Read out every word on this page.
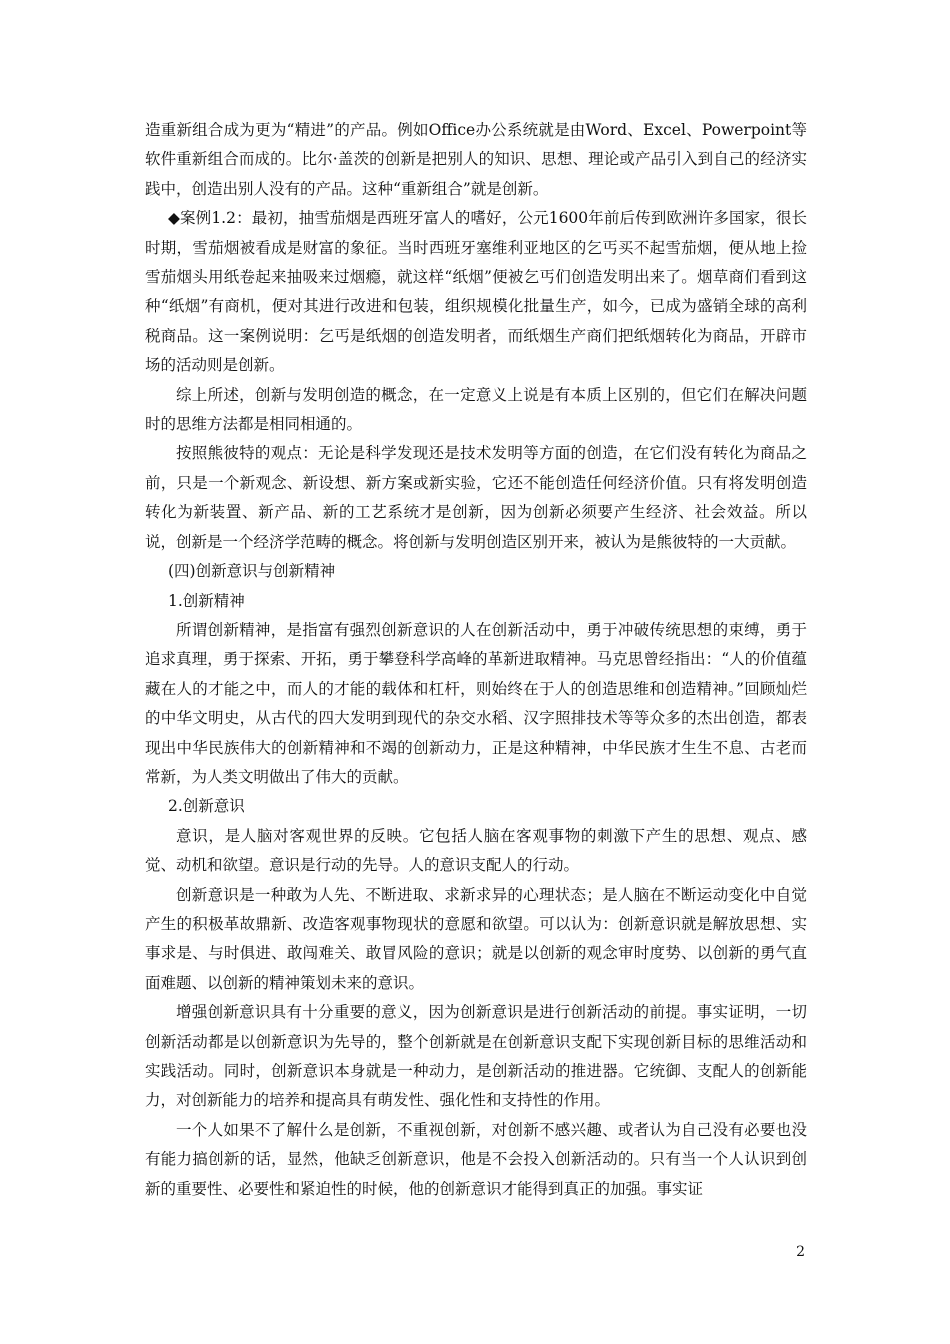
造重新组合成为更为“精进”的产品。例如Office办公系统就是由Word、Excel、Powerpoint等软件重新组合而成的。比尔·盖茨的创新是把别人的知识、思想、理论或产品引入到自己的经济实践中，创造出别人没有的产品。这种“重新组合”就是创新。

◆案例1.2：最初，抽雪茄烟是西班牙富人的嗜好，公元1600年前后传到欧洲许多国家，很长时期，雪茄烟被看成是财富的象征。当时西班牙塞维利亚地区的乞丐买不起雪茄烟，便从地上捡雪茄烟头用纸卷起来抽吸来过烟瘾，就这样“纸烟”便被乞丐们创造发明出来了。烟草商们看到这种“纸烟”有商机，便对其进行改进和包装，组织规模化批量生产，如今，已成为盛销全球的高利税商品。这一案例说明：乞丐是纸烟的创造发明者，而纸烟生产商们把纸烟转化为商品，开辟市场的活动则是创新。

综上所述，创新与发明创造的概念，在一定意义上说是有本质上区别的，但它们在解决问题时的思维方法都是相同相通的。

按照熊彼特的观点：无论是科学发现还是技术发明等方面的创造，在它们没有转化为商品之前，只是一个新观念、新设想、新方案或新实验，它还不能创造任何经济价值。只有将发明创造转化为新装置、新产品、新的工艺系统才是创新，因为创新必须要产生经济、社会效益。所以说，创新是一个经济学范畴的概念。将创新与发明创造区别开来，被认为是熊彼特的一大贡献。

(四)创新意识与创新精神

1.创新精神

所谓创新精神，是指富有强烈创新意识的人在创新活动中，勇于冲破传统思想的束缚，勇于追求真理，勇于探索、开拓，勇于攀登科学高峰的革新进取精神。马克思曾经指出：“人的价值蕴藏在人的才能之中，而人的才能的载体和杠杆，则始终在于人的创造思维和创造精神。”回顾灿烂的中华文明史，从古代的四大发明到现代的杂交水稻、汉字照排技术等等众多的杰出创造，都表现出中华民族伟大的创新精神和不竭的创新动力，正是这种精神，中华民族才生生不息、古老而常新，为人类文明做出了伟大的贡献。

2.创新意识

意识，是人脑对客观世界的反映。它包括人脑在客观事物的刺激下产生的思想、观点、感觉、动机和欲望。意识是行动的先导。人的意识支配人的行动。

创新意识是一种敢为人先、不断进取、求新求异的心理状态；是人脑在不断运动变化中自觉产生的积极革故鼎新、改造客观事物现状的意愿和欲望。可以认为：创新意识就是解放思想、实事求是、与时俱进、敢闯难关、敢冒风险的意识；就是以创新的观念审时度势、以创新的勇气直面难题、以创新的精神策划未来的意识。

增强创新意识具有十分重要的意义，因为创新意识是进行创新活动的前提。事实证明，一切创新活动都是以创新意识为先导的，整个创新就是在创新意识支配下实现创新目标的思维活动和实践活动。同时，创新意识本身就是一种动力，是创新活动的推进器。它统御、支配人的创新能力，对创新能力的培养和提高具有萌发性、强化性和支持性的作用。

一个人如果不了解什么是创新，不重视创新，对创新不感兴趣、或者认为自己没有必要也没有能力搞创新的话，显然，他缺乏创新意识，他是不会投入创新活动的。只有当一个人认识到创新的重要性、必要性和紧迫性的时候，他的创新意识才能得到真正的加强。事实证

2
